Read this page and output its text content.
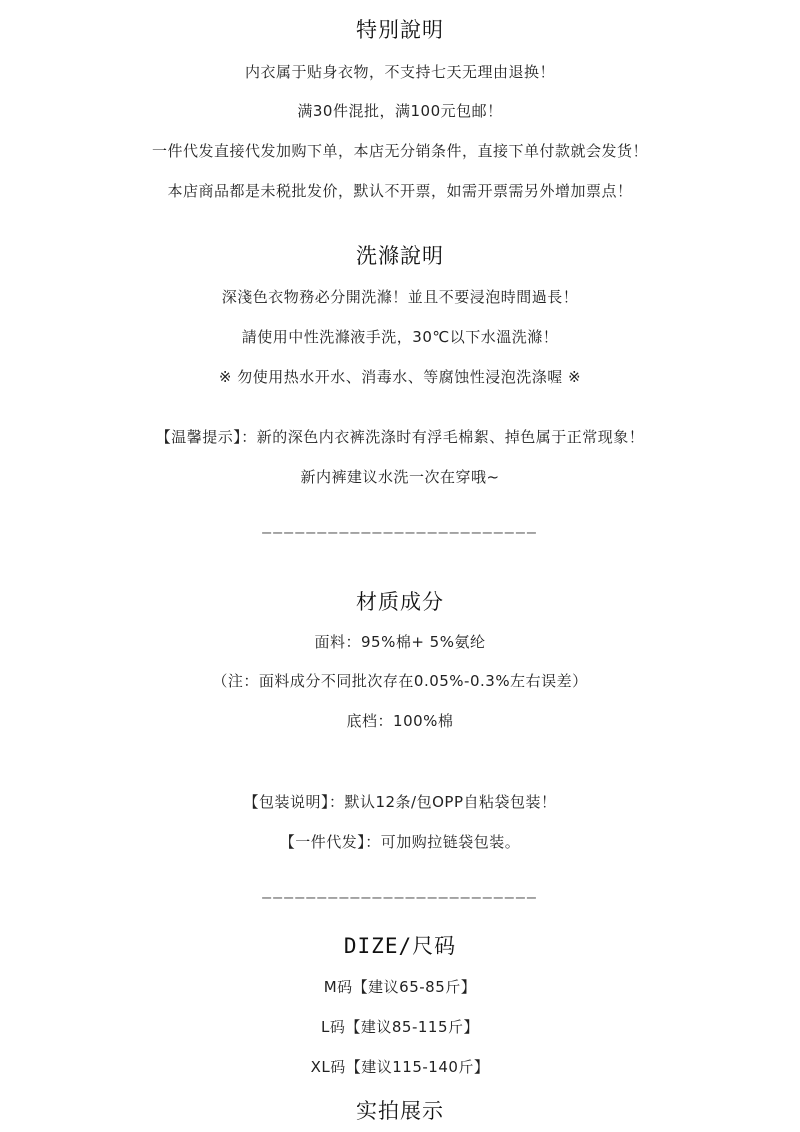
特別說明
内衣属于贴身衣物，不支持七天无理由退换！
满30件混批，满100元包邮！
一件代发直接代发加购下单，本店无分销条件，直接下单付款就会发货！
本店商品都是未税批发价，默认不开票，如需开票需另外增加票点！
洗滌說明
深淺色衣物務必分開洗滌！並且不要浸泡時間過長！
請使用中性洗滌液手洗，30℃以下水溫洗滌！
※ 勿使用热水开水、消毒水、等腐蚀性浸泡洗涤喔 ※
【温馨提示】：新的深色内衣裤洗涤时有浮毛棉絮、掉色属于正常现象！
新内裤建议水洗一次在穿哦~
—————————————————————————
材质成分
面料：95%棉+ 5%氨纶
（注：面料成分不同批次存在0.05%-0.3%左右误差）
底档：100%棉
【包装说明】：默认12条/包OPP自粘袋包装！
【一件代发】：可加购拉链袋包装。
—————————————————————————
DIZE/尺码
M码【建议65-85斤】
L码【建议85-115斤】
XL码【建议115-140斤】
实拍展示
